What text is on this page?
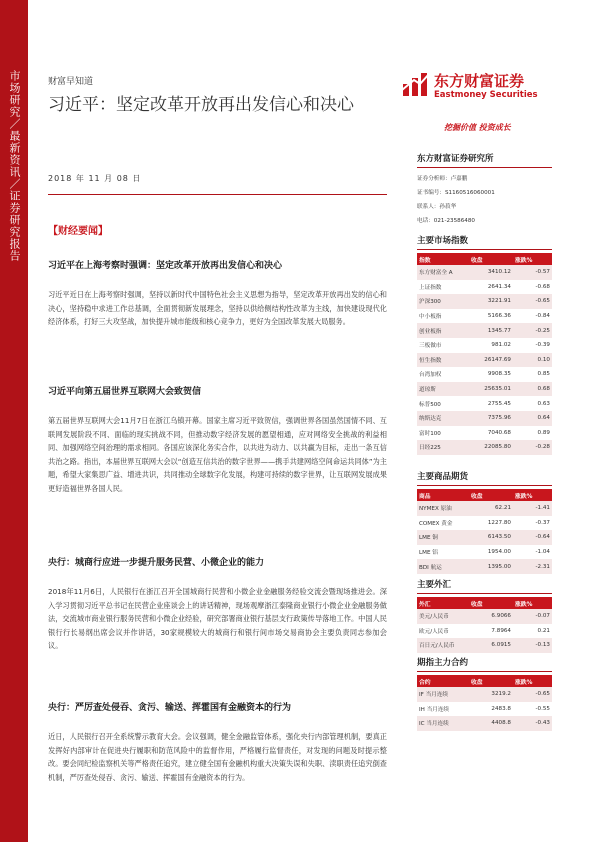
市场研究／最新资讯／证券研究报告	财富早知道
习近平：坚定改革开放再出发信心和决心
2018 年 11 月 08 日
东方财富证券
Eastmoney Securities
挖掘价值 投资成长
【财经要闻】
习近平在上海考察时强调：坚定改革开放再出发信心和决心
习近平近日在上海考察时强调，坚持以新时代中国特色社会主义思想为指导，坚定改革开放再出发的信心和决心，坚持稳中求进工作总基调，全面贯彻新发展理念，坚持以供给侧结构性改革为主线，加快建设现代化经济体系，打好三大攻坚战，加快提升城市能级和核心竞争力，更好为全国改革发展大局服务。
习近平向第五届世界互联网大会致贺信
第五届世界互联网大会11月7日在浙江乌镇开幕。国家主席习近平致贺信，强调世界各国虽然国情不同、互联网发展阶段不同、面临的现实挑战不同，但推动数字经济发展的愿望相通，应对网络安全挑战的利益相同、加强网络空间治理的需求相同。各国应该深化务实合作，以共进为动力、以共赢为目标，走出一条互信共治之路。指出，本届世界互联网大会以“创造互信共治的数字世界——携手共建网络空间命运共同体”为主题，希望大家集思广益、增进共识，共同推动全球数字化发展，构建可持续的数字世界，让互联网发展成果更好造福世界各国人民。
央行：城商行应进一步提升服务民营、小微企业的能力
2018年11月6日，人民银行在浙江召开全国城商行民营和小微企业金融服务经验交流会暨现场推进会。深入学习贯彻习近平总书记在民营企业座谈会上的讲话精神，现场观摩浙江泰隆商业银行小微企业金融服务做法，交流城市商业银行服务民营和小微企业经验，研究部署商业银行基层支行政策传导落地工作。中国人民银行行长易纲出席会议并作讲话，30家规模较大的城商行和银行间市场交易商协会主要负责同志参加会议。
央行：严厉查处侵吞、贪污、输送、挥霍国有金融资本的行为
近日，人民银行召开全系统警示教育大会。会议强调，健全金融监管体系，强化央行内部管理机制，要真正发挥好内部审计在促进央行履职和防范风险中的监督作用，严格履行监督责任，对发现的问题及时提示整改。要会同纪检监察机关等严格责任追究，建立健全国有金融机构重大决策失误和失职、渎职责任追究倒查机制，严厉查处侵吞、贪污、输送、挥霍国有金融资本的行为。
东方财富证券研究所
证券分析师：卢嘉鹏
证书编号：S1160516060001
联系人：孙菽华
电话：021-23586480
主要市场指数
指数	收盘	涨跌%
东方财富全 A	3410.12	-0.57
上证指数	2641.34	-0.68
沪深300	3221.91	-0.65
中小板指	5166.36	-0.84
创业板指	1345.77	-0.25
三板做市	981.02	-0.39
恒生指数	26147.69	0.10
台湾加权	9908.35	0.85
道琼斯	25635.01	0.68
标普500	2755.45	0.63
纳斯达克	7375.96	0.64
富时100	7040.68	0.89
日经225	22085.80	-0.28
主要商品期货
商品	收盘	涨跌%
NYMEX 原油	62.21	-1.41
COMEX 黄金	1227.80	-0.37
LME 铜	6143.50	-0.64
LME 铝	1954.00	-1.04
BDI 航运	1395.00	-2.31
主要外汇
外汇	收盘	涨跌%
美元/人民币	6.9066	-0.07
欧元/人民币	7.8964	0.21
百日元/人民币	6.0915	-0.13
期指主力合约
合约	收盘	涨跌%
IF 当月连续	3219.2	-0.65
IH 当月连续	2483.8	-0.55
IC 当月连续	4408.8	-0.43
